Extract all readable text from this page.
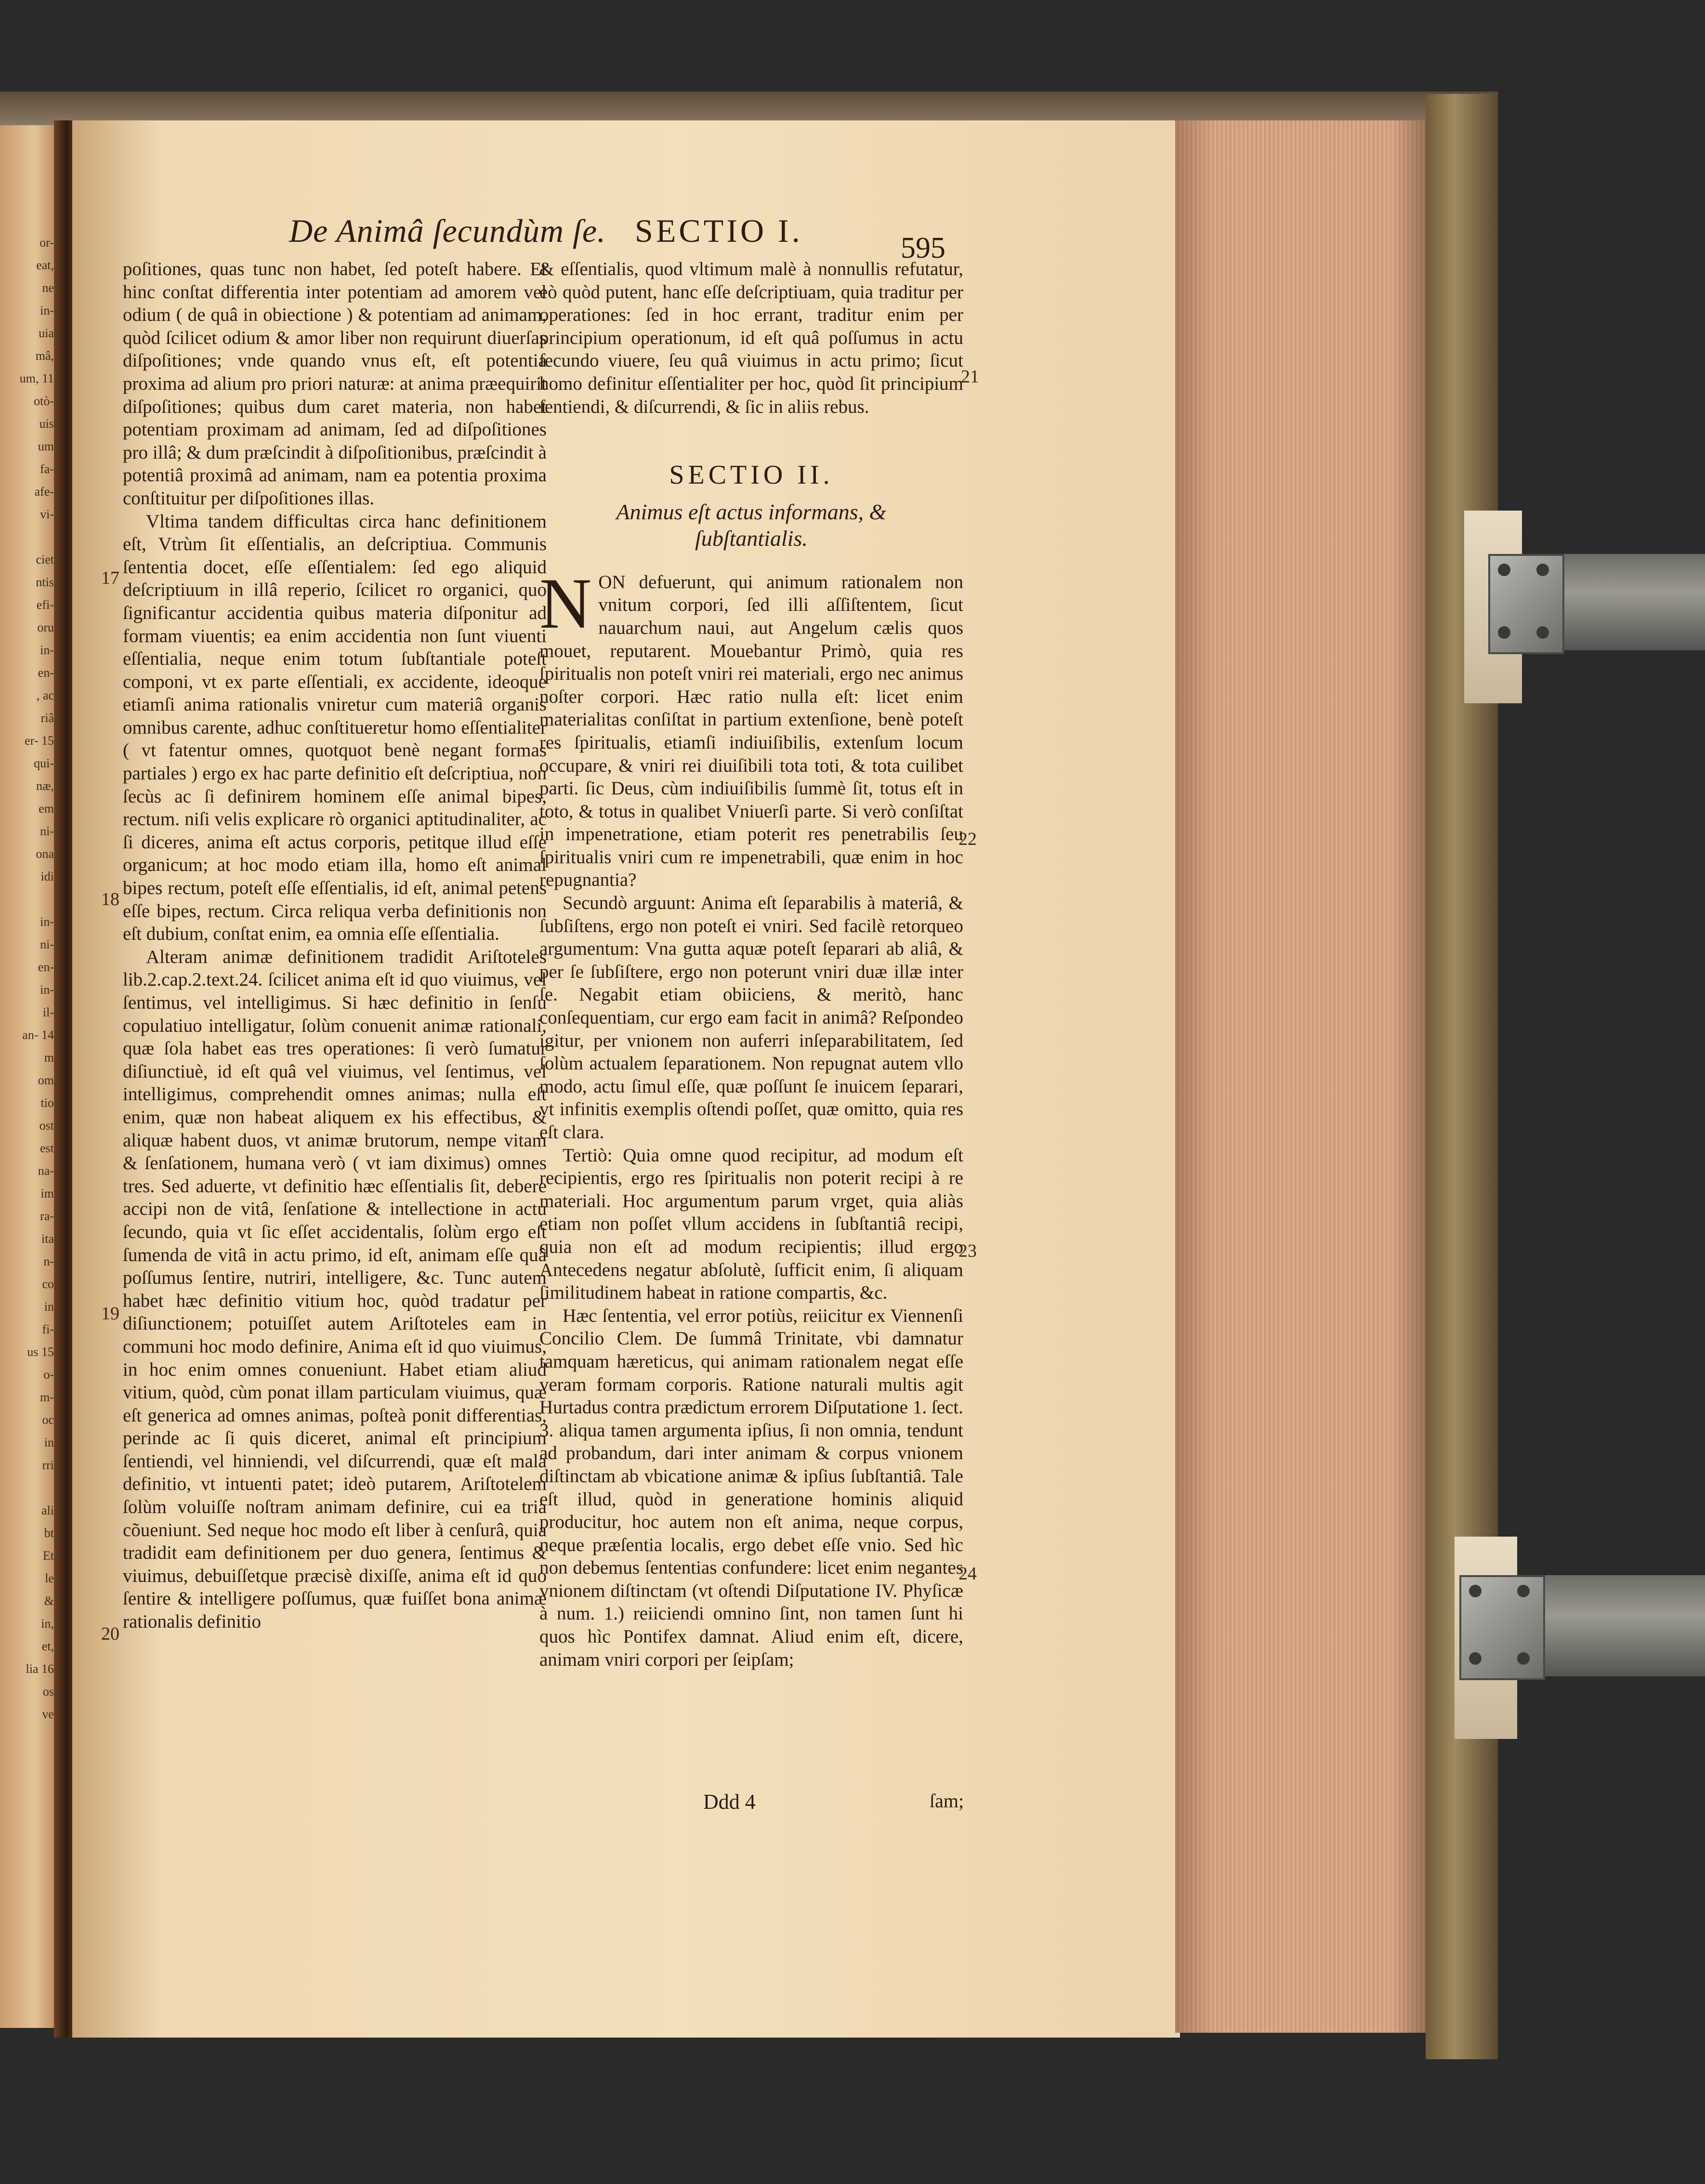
or-
eat,
ne
in-
uia
mâ,
um, 11
otò-
uis
um
fa-
afe-
vi-

ciet
ntis
efi-
oru
in-
en-
, ac
riâ
er- 15
qui-
næ,
em
ni-
ona
idi

in-
ni-
en-
in-
il-
an- 14
m
om
tio
ost
est
na-
im
ra-
ita
n-
co
in
fi-
us 15
o-
m-
oc
in
rri

ali
bt
Et
le
&
in,
et,
lia 16
os
ve
De Animâ ſecundùm ſe. SECTIO I.	595

poſitiones, quas tunc non habet, ſed poteſt habere. Et hinc conſtat differentia inter potentiam ad amorem vel odium ( de quâ in obiectione ) & potentiam ad animam, quòd ſcilicet odium & amor liber non requirunt diuerſas diſpoſitiones; vnde quando vnus eſt, eſt potentia proxima ad alium pro priori naturæ: at anima præequirit diſpoſitiones; quibus dum caret materia, non habet potentiam proximam ad animam, ſed ad diſpoſitiones pro illâ; & dum præſcindit à diſpoſitionibus, præſcindit à potentiâ proximâ ad animam, nam ea potentia proxima conſtituitur per diſpoſitiones illas.

Vltima tandem difficultas circa hanc definitionem eſt, Vtrùm ſit eſſentialis, an deſcriptiua. Communis ſententia docet, eſſe eſſentialem: ſed ego aliquid deſcriptiuum in illâ reperio, ſcilicet ro organici, quo ſignificantur accidentia quibus materia diſponitur ad formam viuentis; ea enim accidentia non ſunt viuenti eſſentialia, neque enim totum ſubſtantiale poteſt componi, vt ex parte eſſentiali, ex accidente, ideoque etiamſi anima rationalis vniretur cum materiâ organis omnibus carente, adhuc conſtitueretur homo eſſentialiter ( vt fatentur omnes, quotquot benè negant formas partiales ) ergo ex hac parte definitio eſt deſcriptiua, non ſecùs ac ſi definirem hominem eſſe animal bipes, rectum. niſi velis explicare rò organici aptitudinaliter, ac ſi diceres, anima eſt actus corporis, petitque illud eſſe organicum; at hoc modo etiam illa, homo eſt animal bipes rectum, poteſt eſſe eſſentialis, id eſt, animal petens eſſe bipes, rectum. Circa reliqua verba definitionis non eſt dubium, conſtat enim, ea omnia eſſe eſſentialia.

Alteram animæ definitionem tradidit Ariſtoteles lib.2.cap.2.text.24. ſcilicet anima eſt id quo viuimus, vel ſentimus, vel intelligimus. Si hæc definitio in ſenſu copulatiuo intelligatur, ſolùm conuenit animæ rationali, quæ ſola habet eas tres operationes: ſi verò ſumatur diſiunctiuè, id eſt quâ vel viuimus, vel ſentimus, vel intelligimus, comprehendit omnes animas; nulla eſt enim, quæ non habeat aliquem ex his effectibus, & aliquæ habent duos, vt animæ brutorum, nempe vitam & ſenſationem, humana verò ( vt iam diximus) omnes tres. Sed aduerte, vt definitio hæc eſſentialis ſit, debere accipi non de vitâ, ſenſatione & intellectione in actu ſecundo, quia vt ſic eſſet accidentalis, ſolùm ergo eſt ſumenda de vitâ in actu primo, id eſt, animam eſſe quâ poſſumus ſentire, nutriri, intelligere, &c. Tunc autem habet hæc definitio vitium hoc, quòd tradatur per diſiunctionem; potuiſſet autem Ariſtoteles eam in communi hoc modo definire, Anima eſt id quo viuimus, in hoc enim omnes conueniunt. Habet etiam aliud vitium, quòd, cùm ponat illam particulam viuimus, quæ eſt generica ad omnes animas, poſteà ponit differentias, perinde ac ſi quis diceret, animal eſt principium ſentiendi, vel hinniendi, vel diſcurrendi, quæ eſt mala definitio, vt intuenti patet; ideò putarem, Ariſtotelem ſolùm voluiſſe noſtram animam definire, cui ea tria cõueniunt. Sed neque hoc modo eſt liber à cenſurâ, quia tradidit eam definitionem per duo genera, ſentimus & viuimus, debuiſſetque præcisè dixiſſe, anima eſt id quo ſentire & intelligere poſſumus, quæ fuiſſet bona animæ rationalis definitio

& eſſentialis, quod vltimum malè à nonnullis refutatur, eò quòd putent, hanc eſſe deſcriptiuam, quia traditur per operationes: ſed in hoc errant, traditur enim per principium operationum, id eſt quâ poſſumus in actu ſecundo viuere, ſeu quâ viuimus in actu primo; ſicut homo definitur eſſentialiter per hoc, quòd ſit principium ſentiendi, & diſcurrendi, & ſic in aliis rebus.

SECTIO II.
Animus eſt actus informans, & ſubſtantialis.

NON defuerunt, qui animum rationalem non vnitum corpori, ſed illi aſſiſtentem, ſicut nauarchum naui, aut Angelum cælis quos mouet, reputarent. Mouebantur Primò, quia res ſpiritualis non poteſt vniri rei materiali, ergo nec animus noſter corpori. Hæc ratio nulla eſt: licet enim materialitas conſiſtat in partium extenſione, benè poteſt res ſpiritualis, etiamſi indiuiſibilis, extenſum locum occupare, & vniri rei diuiſibili tota toti, & tota cuilibet parti. ſic Deus, cùm indiuiſibilis ſummè ſit, totus eſt in toto, & totus in qualibet Vniuerſi parte. Si verò conſiſtat in impenetratione, etiam poterit res penetrabilis ſeu ſpiritualis vniri cum re impenetrabili, quæ enim in hoc repugnantia?

Secundò arguunt: Anima eſt ſeparabilis à materiâ, & ſubſiſtens, ergo non poteſt ei vniri. Sed facilè retorqueo argumentum: Vna gutta aquæ poteſt ſeparari ab aliâ, & per ſe ſubſiſtere, ergo non poterunt vniri duæ illæ inter ſe. Negabit etiam obiiciens, & meritò, hanc conſequentiam, cur ergo eam facit in animâ? Reſpondeo igitur, per vnionem non auferri inſeparabilitatem, ſed ſolùm actualem ſeparationem. Non repugnat autem vllo modo, actu ſimul eſſe, quæ poſſunt ſe inuicem ſeparari, vt infinitis exemplis oſtendi poſſet, quæ omitto, quia res eſt clara.

Tertiò: Quia omne quod recipitur, ad modum eſt recipientis, ergo res ſpiritualis non poterit recipi à re materiali. Hoc argumentum parum vrget, quia aliàs etiam non poſſet vllum accidens in ſubſtantiâ recipi, quia non eſt ad modum recipientis; illud ergo Antecedens negatur abſolutè, ſufficit enim, ſi aliquam ſimilitudinem habeat in ratione compartis, &c.

Hæc ſententia, vel error potiùs, reiicitur ex Viennenſi Concilio Clem. De ſummâ Trinitate, vbi damnatur tamquam hæreticus, qui animam rationalem negat eſſe veram formam corporis. Ratione naturali multis agit Hurtadus contra prædictum errorem Diſputatione 1. ſect. 3. aliqua tamen argumenta ipſius, ſi non omnia, tendunt ad probandum, dari inter animam & corpus vnionem diſtinctam ab vbicatione animæ & ipſius ſubſtantiâ. Tale eſt illud, quòd in generatione hominis aliquid producitur, hoc autem non eſt anima, neque corpus, neque præſentia localis, ergo debet eſſe vnio. Sed hìc non debemus ſententias confundere: licet enim negantes vnionem diſtinctam (vt oſtendi Diſputatione IV. Phyſicæ à num. 1.) reiiciendi omnino ſint, non tamen ſunt hi quos hìc Pontifex damnat. Aliud enim eſt, dicere, animam vniri corpori per ſeipſam;

17
18
19
20
21
22
23
24
Ddd 4	ſam;
